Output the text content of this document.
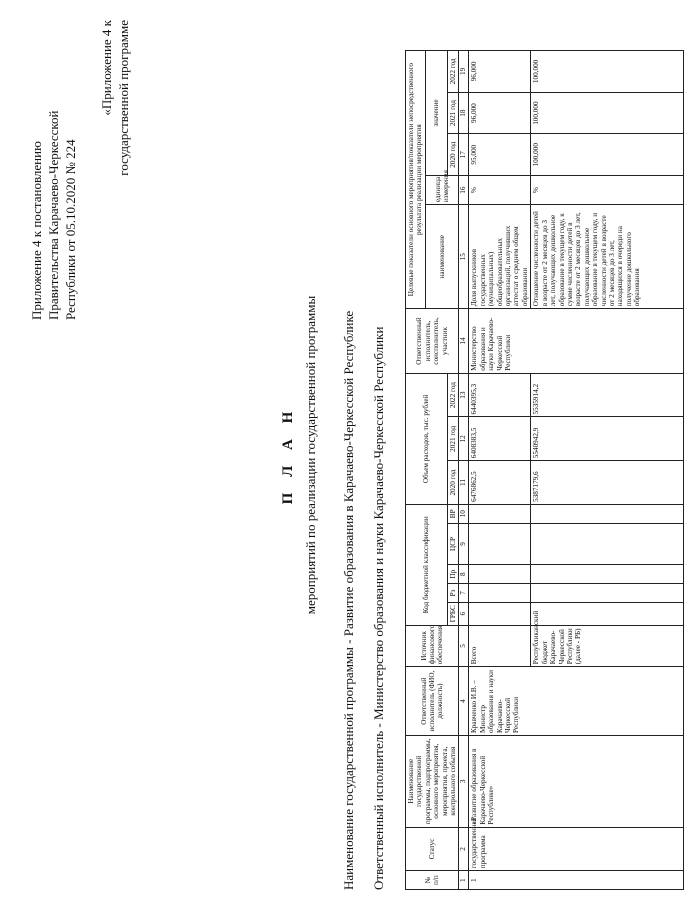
Приложение 4 к постановлению Правительства Карачаево-Черкесской Республики от 05.10.2020 № 224
«Приложение 4 к государственной программе
П Л А Н мероприятий по реализации государственной программы Наименование государственной программы - Развитие образования в Карачаево-Черкесской Республике Ответственный исполнитель - Министерство образования и науки Карачаево-Черкесской Республики	№ п/п	Статус	Наименование государственной программы, подпрограммы, основного мероприятия, мероприятия, проекта, контрольного события	Ответственный исполнитель (ФИО, должность)	Источник финансового обеспечения	Код бюджетной классификации					Объем расходов, тыс. рублей			Ответственный исполнитель, соисполнитель, участник	Целевые показатели основного мероприятия/показатели непосредственного результата реализации мероприятия				
														наименование	единица измерения	значение		
					ГРБС	Рз	Пр	ЦСР	ВР	2020 год	2021 год	2022 год				2020 год	2021 год	2022 год
1	2	3	4	5	6	7	8	9	10	11	12	13	14	15	16	17	18	19
1	государственная программа	«Развитие образования в Карачаево-Черкесской Республике»	Кравченко И.В. – Министр образования и науки Карачаево-Черкесской Республики	Всего						6476862,5	6408383,5	6440395,3	Министерство образования и науки Карачаево-Черкесской Республики	Доля выпускников государственных (муниципальных) общеобразовательных организаций, получивших аттестат о среднем общем образовании	%	95,000	96,000	96,000
				Республиканский бюджет Карачаево-Черкесской Республики (далее - РБ)						5387179,6	5540942,9	5535914,2		Отношение численности детей в возрасте от 2 месяцев до 3 лет, получающих дошкольное образование в текущем году, к сумме численности детей в возрасте от 2 месяцев до 3 лет, получающих дошкольное образование в текущем году, и численности детей в возрасте от 2 месяцев до 3 лет, находящихся в очереди на получение дошкольного образования	%	100,000	100,000	100,000
